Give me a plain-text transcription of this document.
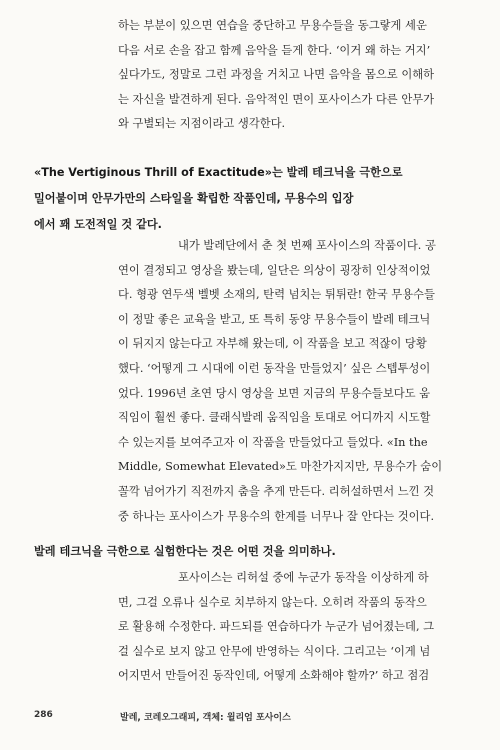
하는 부분이 있으면 연습을 중단하고 무용수들을 동그랗게 세운
다음 서로 손을 잡고 함께 음악을 듣게 한다. ‘이거 왜 하는 거지’
싶다가도, 정말로 그런 과정을 거치고 나면 음악을 몸으로 이해하
는 자신을 발견하게 된다. 음악적인 면이 포사이스가 다른 안무가
와 구별되는 지점이라고 생각한다.
«The Vertiginous Thrill of Exactitude»는 발레 테크닉을 극한으로
밀어붙이며 안무가만의 스타일을 확립한 작품인데, 무용수의 입장
에서 꽤 도전적일 것 같다.
내가 발레단에서 춘 첫 번째 포사이스의 작품이다. 공
연이 결정되고 영상을 봤는데, 일단은 의상이 굉장히 인상적이었
다. 형광 연두색 벨벳 소재의, 탄력 넘치는 튀튀란! 한국 무용수들
이 정말 좋은 교육을 받고, 또 특히 동양 무용수들이 발레 테크닉
이 뒤지지 않는다고 자부해 왔는데, 이 작품을 보고 적잖이 당황
했다. ‘어떻게 그 시대에 이런 동작을 만들었지’ 싶은 스텝투성이
었다. 1996년 초연 당시 영상을 보면 지금의 무용수들보다도 움
직임이 훨씬 좋다. 클래식발레 움직임을 토대로 어디까지 시도할
수 있는지를 보여주고자 이 작품을 만들었다고 들었다. «In the
Middle, Somewhat Elevated»도 마찬가지지만, 무용수가 숨이
꼴깍 넘어가기 직전까지 춤을 추게 만든다. 리허설하면서 느낀 것
중 하나는 포사이스가 무용수의 한계를 너무나 잘 안다는 것이다.
발레 테크닉을 극한으로 실험한다는 것은 어떤 것을 의미하나.
포사이스는 리허설 중에 누군가 동작을 이상하게 하
면, 그걸 오류나 실수로 치부하지 않는다. 오히려 작품의 동작으
로 활용해 수정한다. 파드되를 연습하다가 누군가 넘어졌는데, 그
걸 실수로 보지 않고 안무에 반영하는 식이다. 그리고는 ‘이게 넘
어지면서 만들어진 동작인데, 어떻게 소화해야 할까?’ 하고 점검
286	발레, 코레오그래피, 객체: 윌리엄 포사이스
